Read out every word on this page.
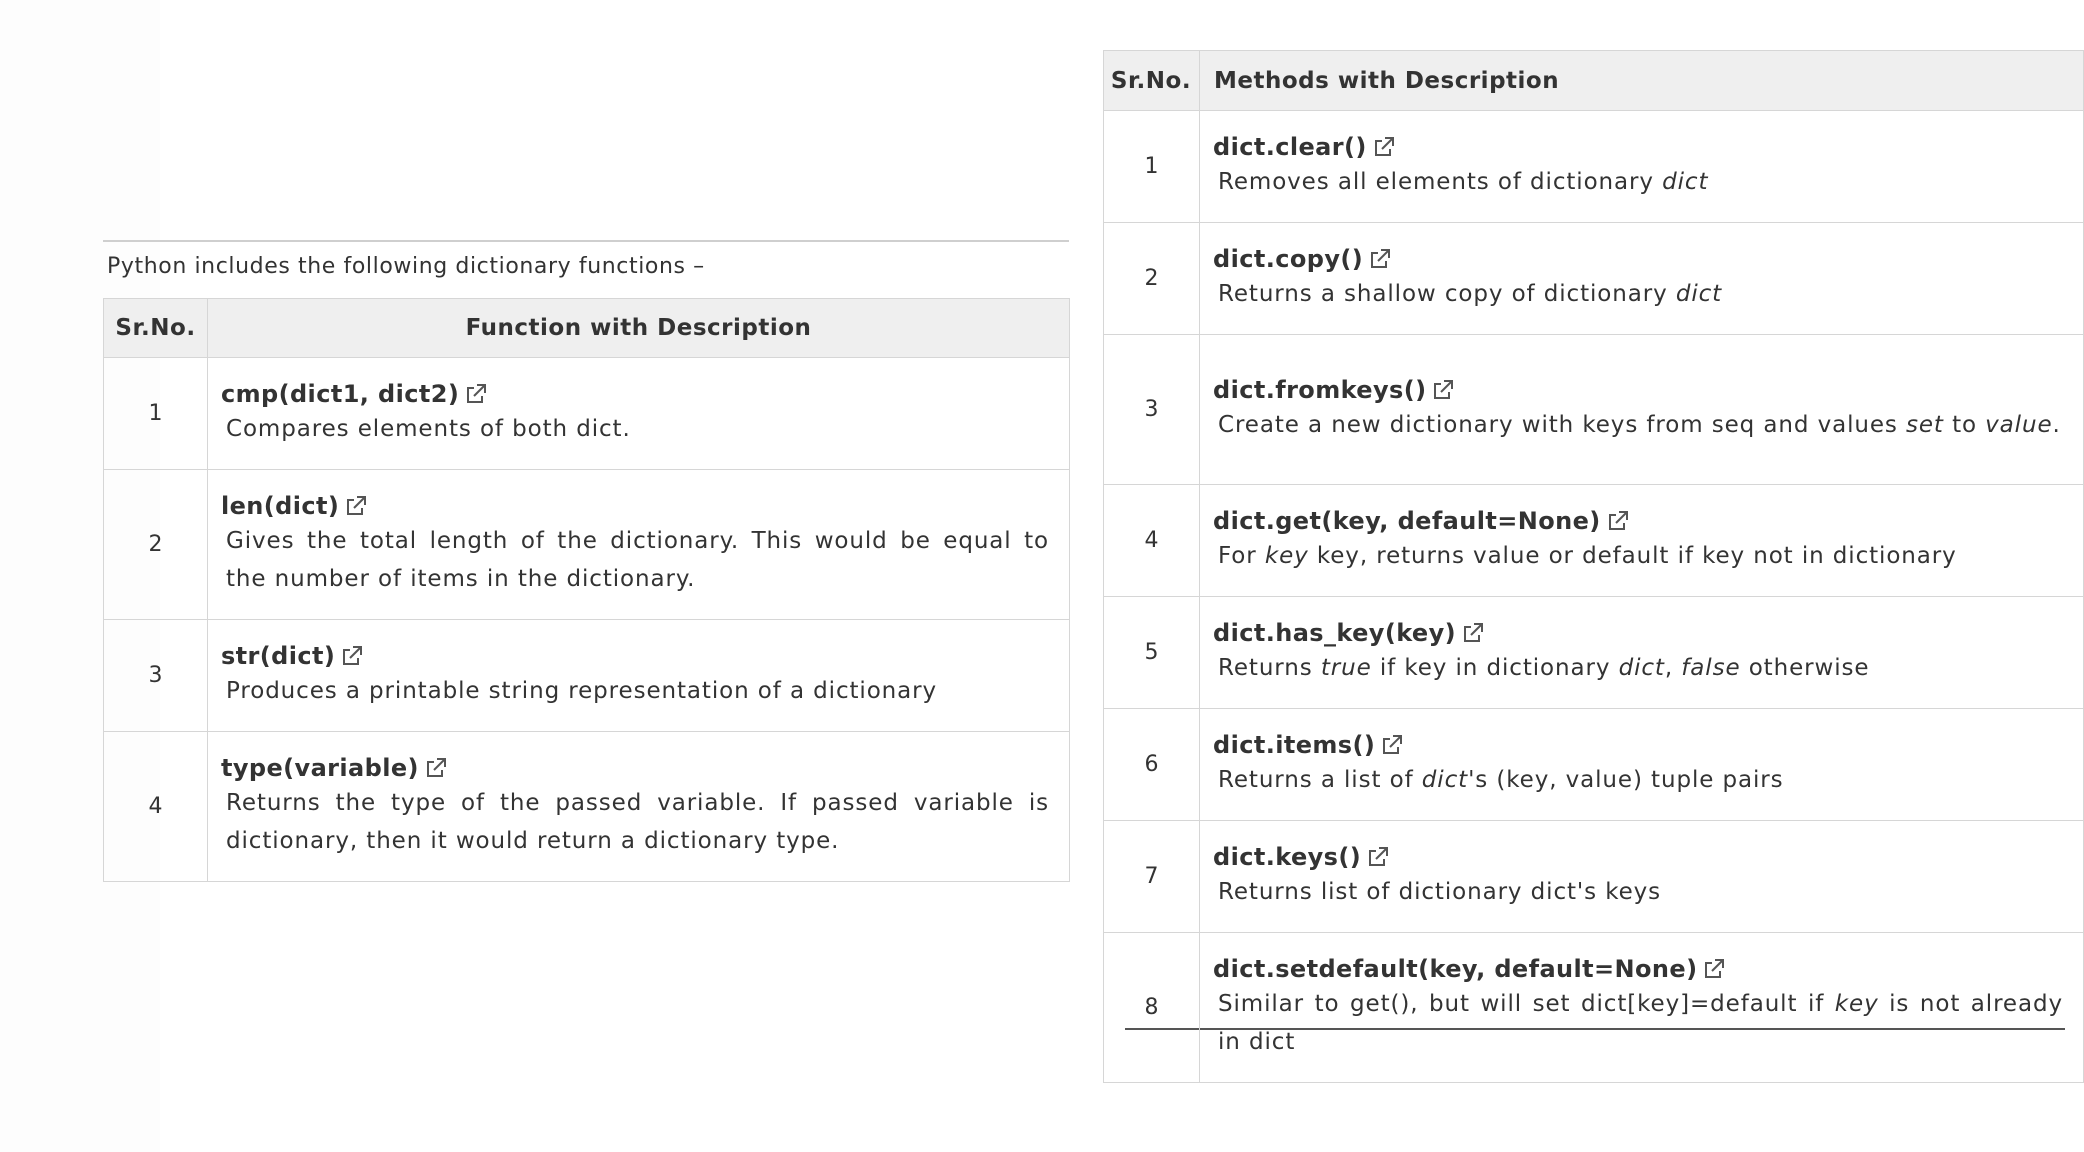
Python includes the following dictionary functions –
Sr.No.	Function with Description
1	cmp(dict1, dict2)
Compares elements of both dict.

2	len(dict)
Gives the total length of the dictionary. This would be equal to the number of items in the dictionary.

3	str(dict)
Produces a printable string representation of a dictionary

4	type(variable)
Returns the type of the passed variable. If passed variable is dictionary, then it would return a dictionary type.
Sr.No.	Methods with Description
1	dict.clear()
Removes all elements of dictionary dict

2	dict.copy()
Returns a shallow copy of dictionary dict

3	dict.fromkeys()
Create a new dictionary with keys from seq and values set to value.

4	dict.get(key, default=None)
For key key, returns value or default if key not in dictionary

5	dict.has_key(key)
Returns true if key in dictionary dict, false otherwise

6	dict.items()
Returns a list of dict's (key, value) tuple pairs

7	dict.keys()
Returns list of dictionary dict's keys

8	dict.setdefault(key, default=None)
Similar to get(), but will set dict[key]=default if key is not already in dict
